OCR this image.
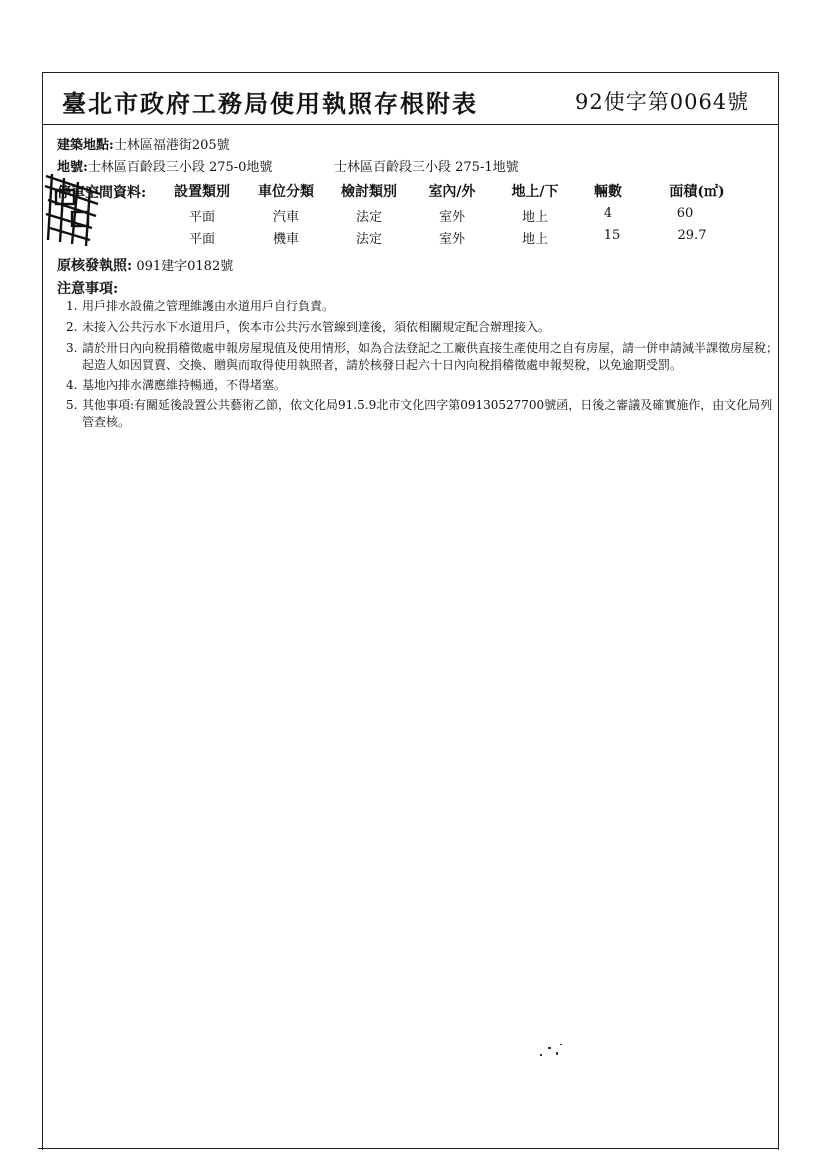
臺北市政府工務局使用執照存根附表	92使字第0064號
建築地點:士林區福港街205號
地號:士林區百齡段三小段 275-0地號	士林區百齡段三小段 275-1地號
停車空間資料:	設置類別	車位分類	檢討類別	室內/外	地上/下	輛數	面積(㎡)
平面	汽車	法定	室外	地上	4	60
平面	機車	法定	室外	地上	15	29.7
原核發執照: 091建字0182號
注意事項:
1. 用戶排水設備之管理維護由水道用戶自行負責。
2. 未接入公共污水下水道用戶，俟本市公共污水管線到達後，須依相關規定配合辦理接入。
3. 請於卅日內向稅捐稽徵處申報房屋現值及使用情形，如為合法登記之工廠供直接生產使用之自有房屋，請一併申請減半課徵房屋稅；起造人如因買賣、交換、贈與而取得使用執照者，請於核發日起六十日內向稅捐稽徵處申報契稅，以免逾期受罰。
4. 基地內排水溝應維持暢通，不得堵塞。
5. 其他事項:有關延後設置公共藝術乙節，依文化局91.5.9北市文化四字第09130527700號函，日後之審議及確實施作，由文化局列管查核。
